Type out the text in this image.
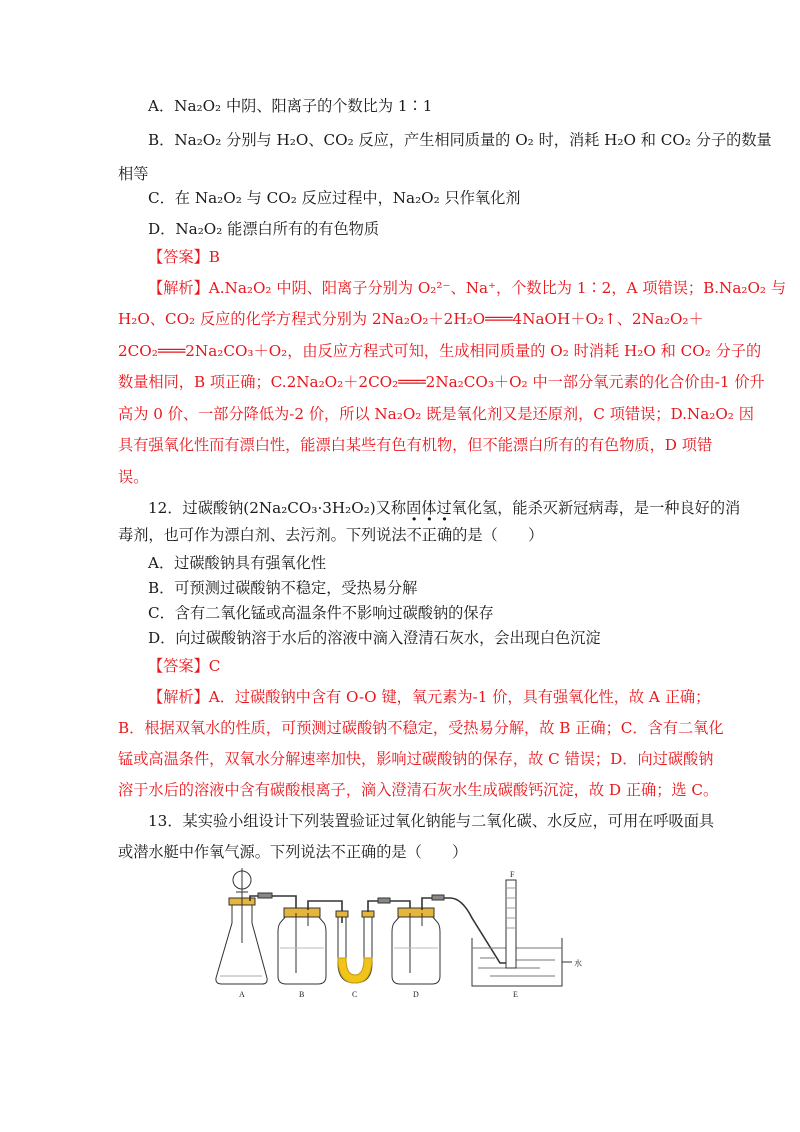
A．Na₂O₂ 中阴、阳离子的个数比为 1∶1
B．Na₂O₂ 分别与 H₂O、CO₂ 反应，产生相同质量的 O₂ 时，消耗 H₂O 和 CO₂ 分子的数量
相等
C．在 Na₂O₂ 与 CO₂ 反应过程中，Na₂O₂ 只作氧化剂
D．Na₂O₂ 能漂白所有的有色物质
【答案】B
【解析】A.Na₂O₂ 中阴、阳离子分别为 O₂²⁻、Na⁺，个数比为 1∶2，A 项错误；B.Na₂O₂ 与
H₂O、CO₂ 反应的化学方程式分别为 2Na₂O₂＋2H₂O═══4NaOH＋O₂↑、2Na₂O₂＋
2CO₂═══2Na₂CO₃＋O₂，由反应方程式可知，生成相同质量的 O₂ 时消耗 H₂O 和 CO₂ 分子的
数量相同，B 项正确；C.2Na₂O₂＋2CO₂═══2Na₂CO₃＋O₂ 中一部分氧元素的化合价由-1 价升
高为 0 价、一部分降低为-2 价，所以 Na₂O₂ 既是氧化剂又是还原剂，C 项错误；D.Na₂O₂ 因
具有强氧化性而有漂白性，能漂白某些有色有机物，但不能漂白所有的有色物质，D 项错
误。
12．过碳酸钠(2Na₂CO₃·3H₂O₂)又称固体过氧化氢，能杀灭新冠病毒，是一种良好的消
毒剂，也可作为漂白剂、去污剂。下列说法不正确的是（　　）
A．过碳酸钠具有强氧化性
B．可预测过碳酸钠不稳定，受热易分解
C．含有二氧化锰或高温条件不影响过碳酸钠的保存
D．向过碳酸钠溶于水后的溶液中滴入澄清石灰水，会出现白色沉淀
【答案】C
【解析】A．过碳酸钠中含有 O-O 键，氧元素为-1 价，具有强氧化性，故 A 正确；
B．根据双氧水的性质，可预测过碳酸钠不稳定，受热易分解，故 B 正确；C．含有二氧化
锰或高温条件，双氧水分解速率加快，影响过碳酸钠的保存，故 C 错误；D．向过碳酸钠
溶于水后的溶液中含有碳酸根离子，滴入澄清石灰水生成碳酸钙沉淀，故 D 正确；选 C。
13．某实验小组设计下列装置验证过氧化钠能与二氧化碳、水反应，可用在呼吸面具
或潜水艇中作氧气源。下列说法不正确的是（　　）
F
水
A	B	C	D	E
